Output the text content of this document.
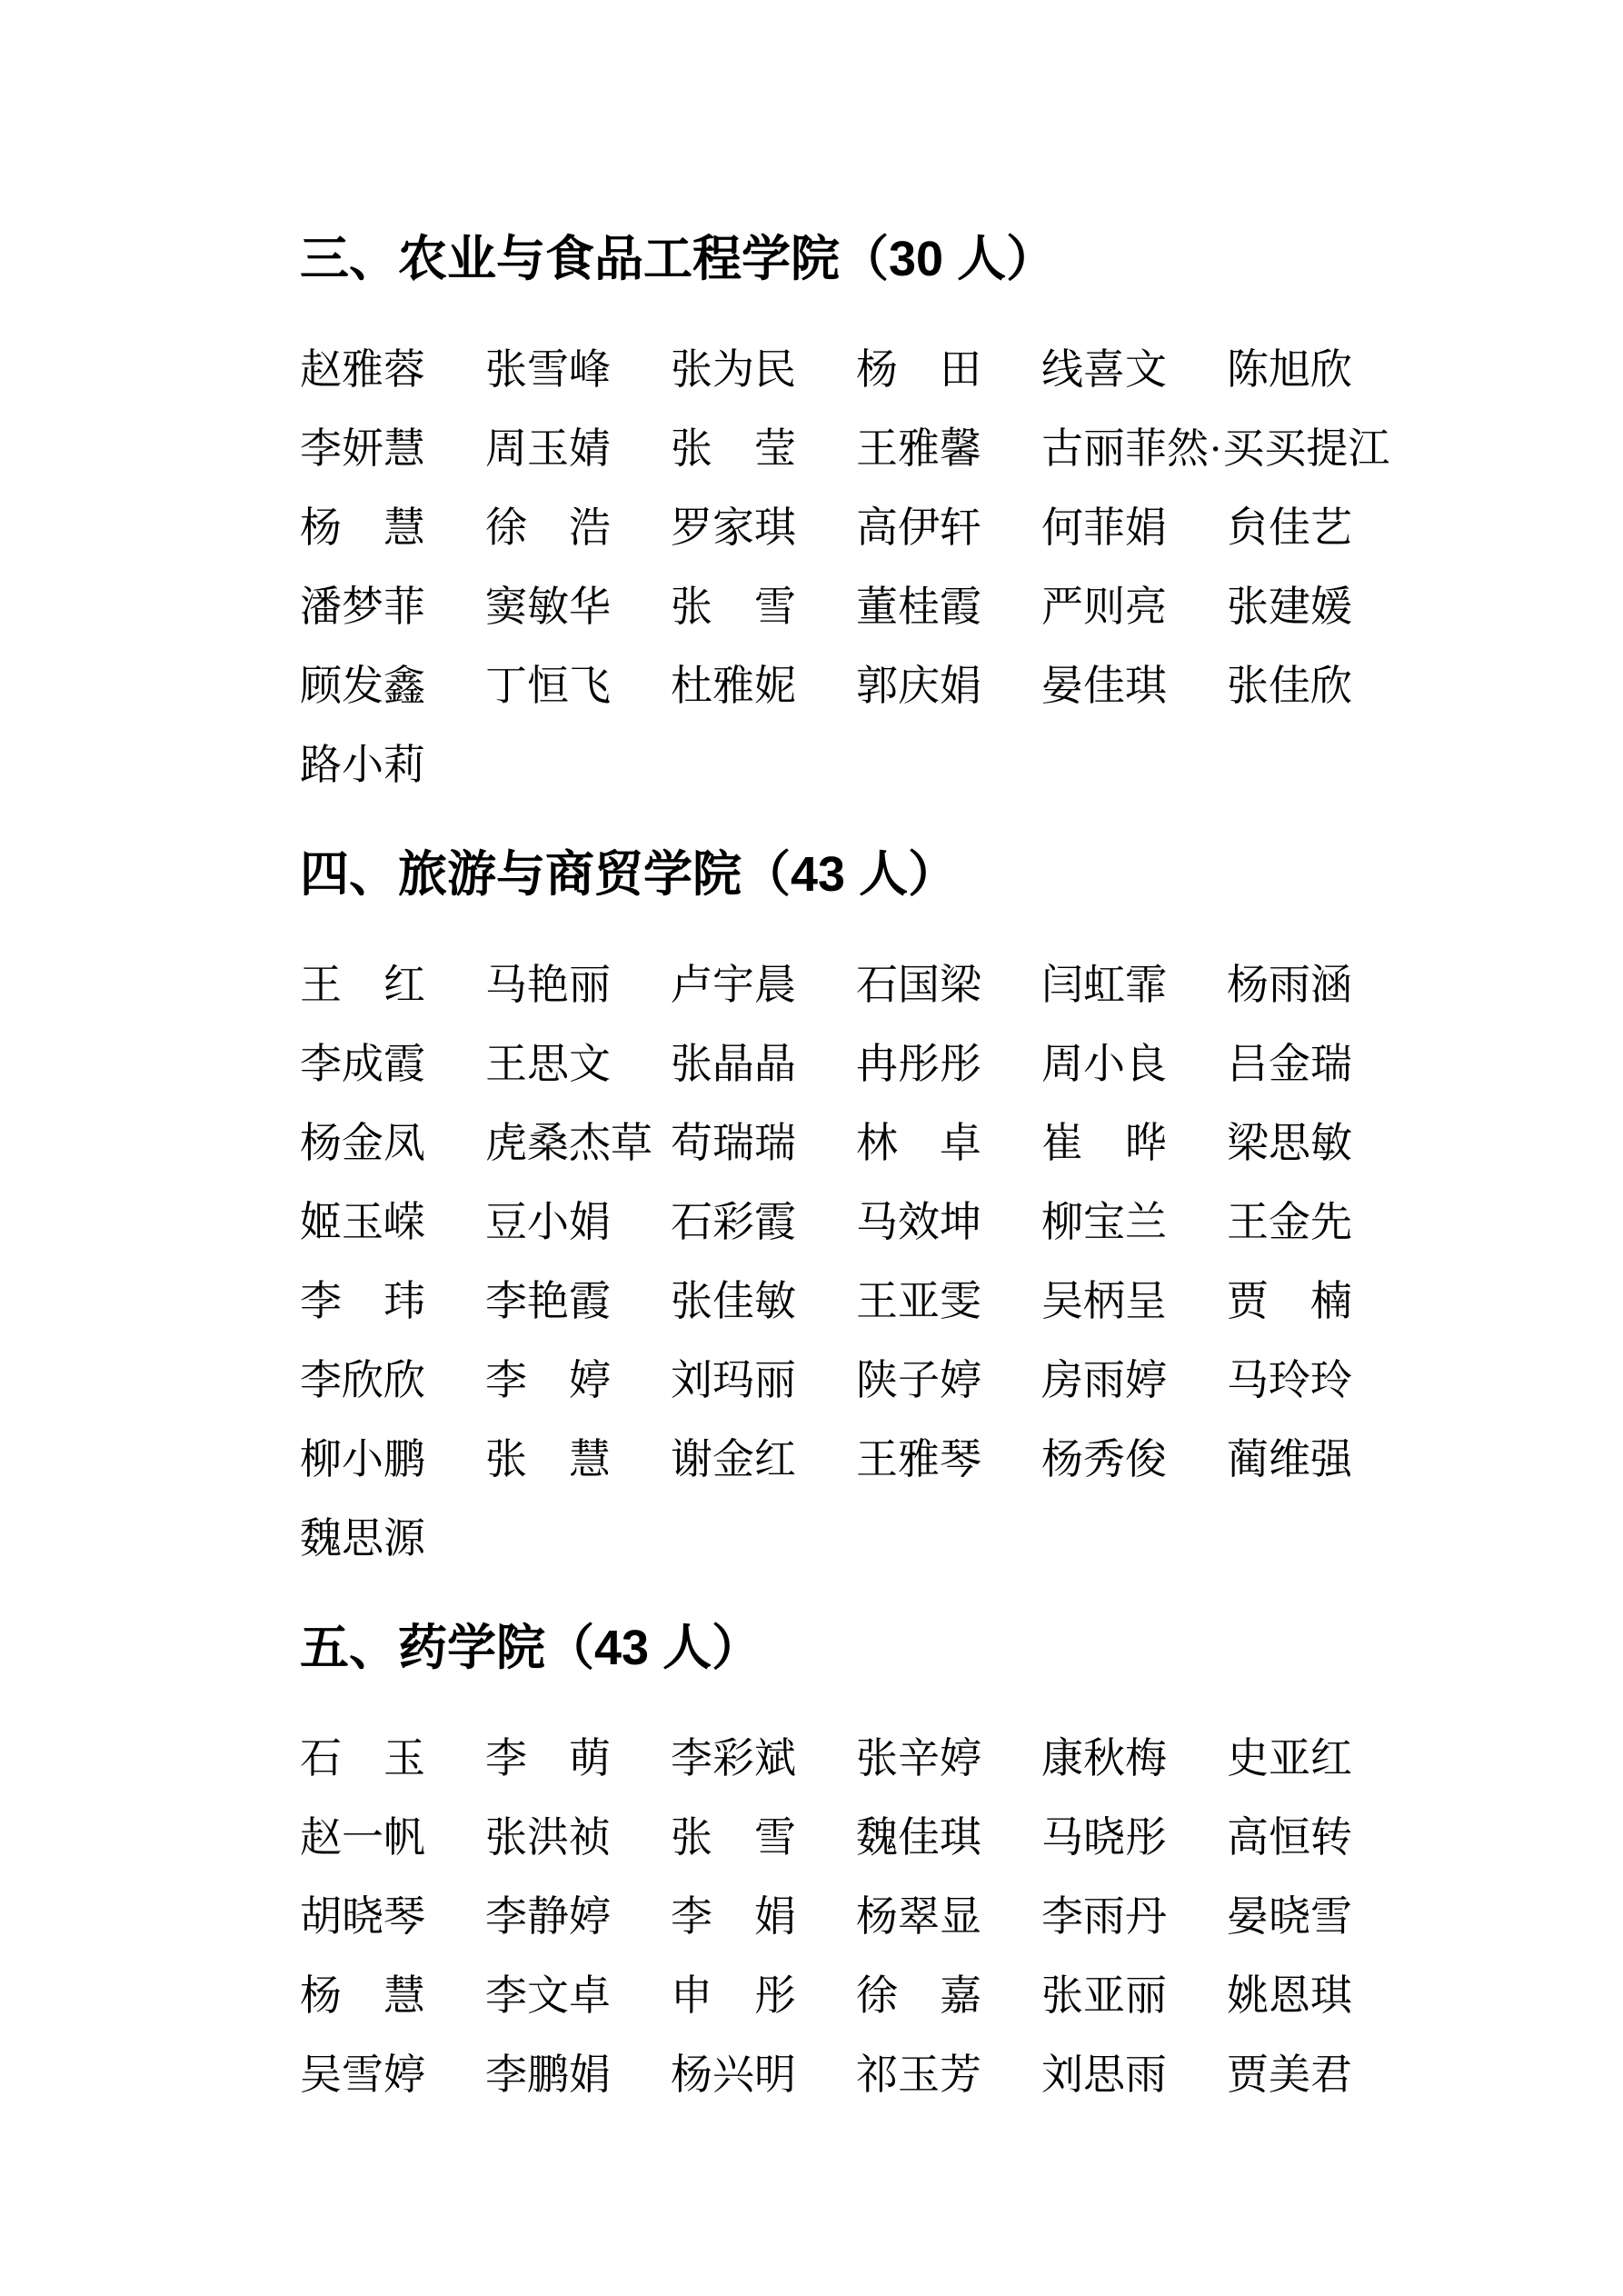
三、农业与食品工程学院（30 人）
赵雅蓉	张雪峰	张为民	杨　田	线喜文	陈旭欣
李妍慧	周玉婧	张　莹	王雅馨	古丽菲然·买买提江
杨　慧	徐　浩	罗家琪	高伊轩	何菲娟	贠佳艺
潘梦菲	窦敏华	张　雪	董桂霞	严则亮	张建媛
顾发鑫	丁恒飞	杜雅妮	郭庆娟	晏佳琪	张佳欣
路小莉
四、旅游与商贸学院（43 人）
王　红	马艳丽	卢宇晨	石国梁	闫虹霏	杨雨涵
李成霞	王思文	张晶晶	冉彤彤	周小良	吕金瑞
杨金凤	虎桑杰草 苟瑞瑞	林　卓	崔　晔	梁思敏
姬玉嵘	豆小娟	石彩霞	马效坤	柳宝兰	王金先
李　玮	李艳霞	张佳敏	王亚雯	吴柄呈	贾　楠
李欣欣	李　婷	刘玛丽	陕子婷	房雨婷	马玲玲
柳小鹏	张　慧	谢金红	王雅琴	杨秀俊	蔺维强
魏思源
五、药学院（43 人）
石　玉	李　萌	李彩斌	张辛婷	康秋梅	史亚红
赵一帆	张洪祯	张　雪	魏佳琪	马晓彤	高恒转
胡晓琴	李静婷	李　娟	杨翠显	李雨丹	晏晓雪
杨　慧	李文卓	申　彤	徐　嘉	张亚丽	姚恩琪
吴雪婷	李鹏娟	杨兴明	祁玉芳	刘思雨	贾美君
